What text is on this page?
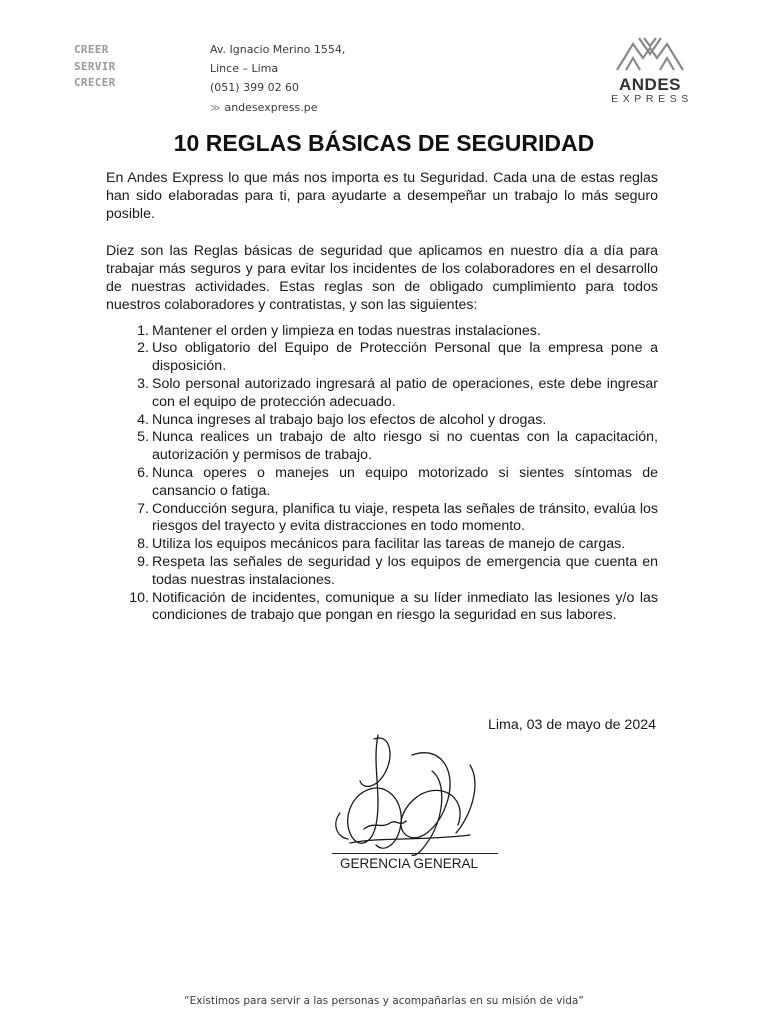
CREER
SERVIR
CRECER
Av. Ignacio Merino 1554,
Lince – Lima
(051) 399 02 60
≫ andesexpress.pe
ANDES
EXPRESS
10 REGLAS BÁSICAS DE SEGURIDAD

En Andes Express lo que más nos importa es tu Seguridad. Cada una de estas reglas han sido elaboradas para ti, para ayudarte a desempeñar un trabajo lo más seguro posible.

Diez son las Reglas básicas de seguridad que aplicamos en nuestro día a día para trabajar más seguros y para evitar los incidentes de los colaboradores en el desarrollo de nuestras actividades. Estas reglas son de obligado cumplimiento para todos nuestros colaboradores y contratistas, y son las siguientes:

1. Mantener el orden y limpieza en todas nuestras instalaciones.
2. Uso obligatorio del Equipo de Protección Personal que la empresa pone a disposición.
3. Solo personal autorizado ingresará al patio de operaciones, este debe ingresar con el equipo de protección adecuado.
4. Nunca ingreses al trabajo bajo los efectos de alcohol y drogas.
5. Nunca realices un trabajo de alto riesgo si no cuentas con la capacitación, autorización y permisos de trabajo.
6. Nunca operes o manejes un equipo motorizado si sientes síntomas de cansancio o fatiga.
7. Conducción segura, planifica tu viaje, respeta las señales de tránsito, evalúa los riesgos del trayecto y evita distracciones en todo momento.
8. Utiliza los equipos mecánicos para facilitar las tareas de manejo de cargas.
9. Respeta las señales de seguridad y los equipos de emergencia que cuenta en todas nuestras instalaciones.
10. Notificación de incidentes, comunique a su líder inmediato las lesiones y/o las condiciones de trabajo que pongan en riesgo la seguridad en sus labores.
Lima, 03 de mayo de 2024
GERENCIA GENERAL
“Existimos para servir a las personas y acompañarlas en su misión de vida”
